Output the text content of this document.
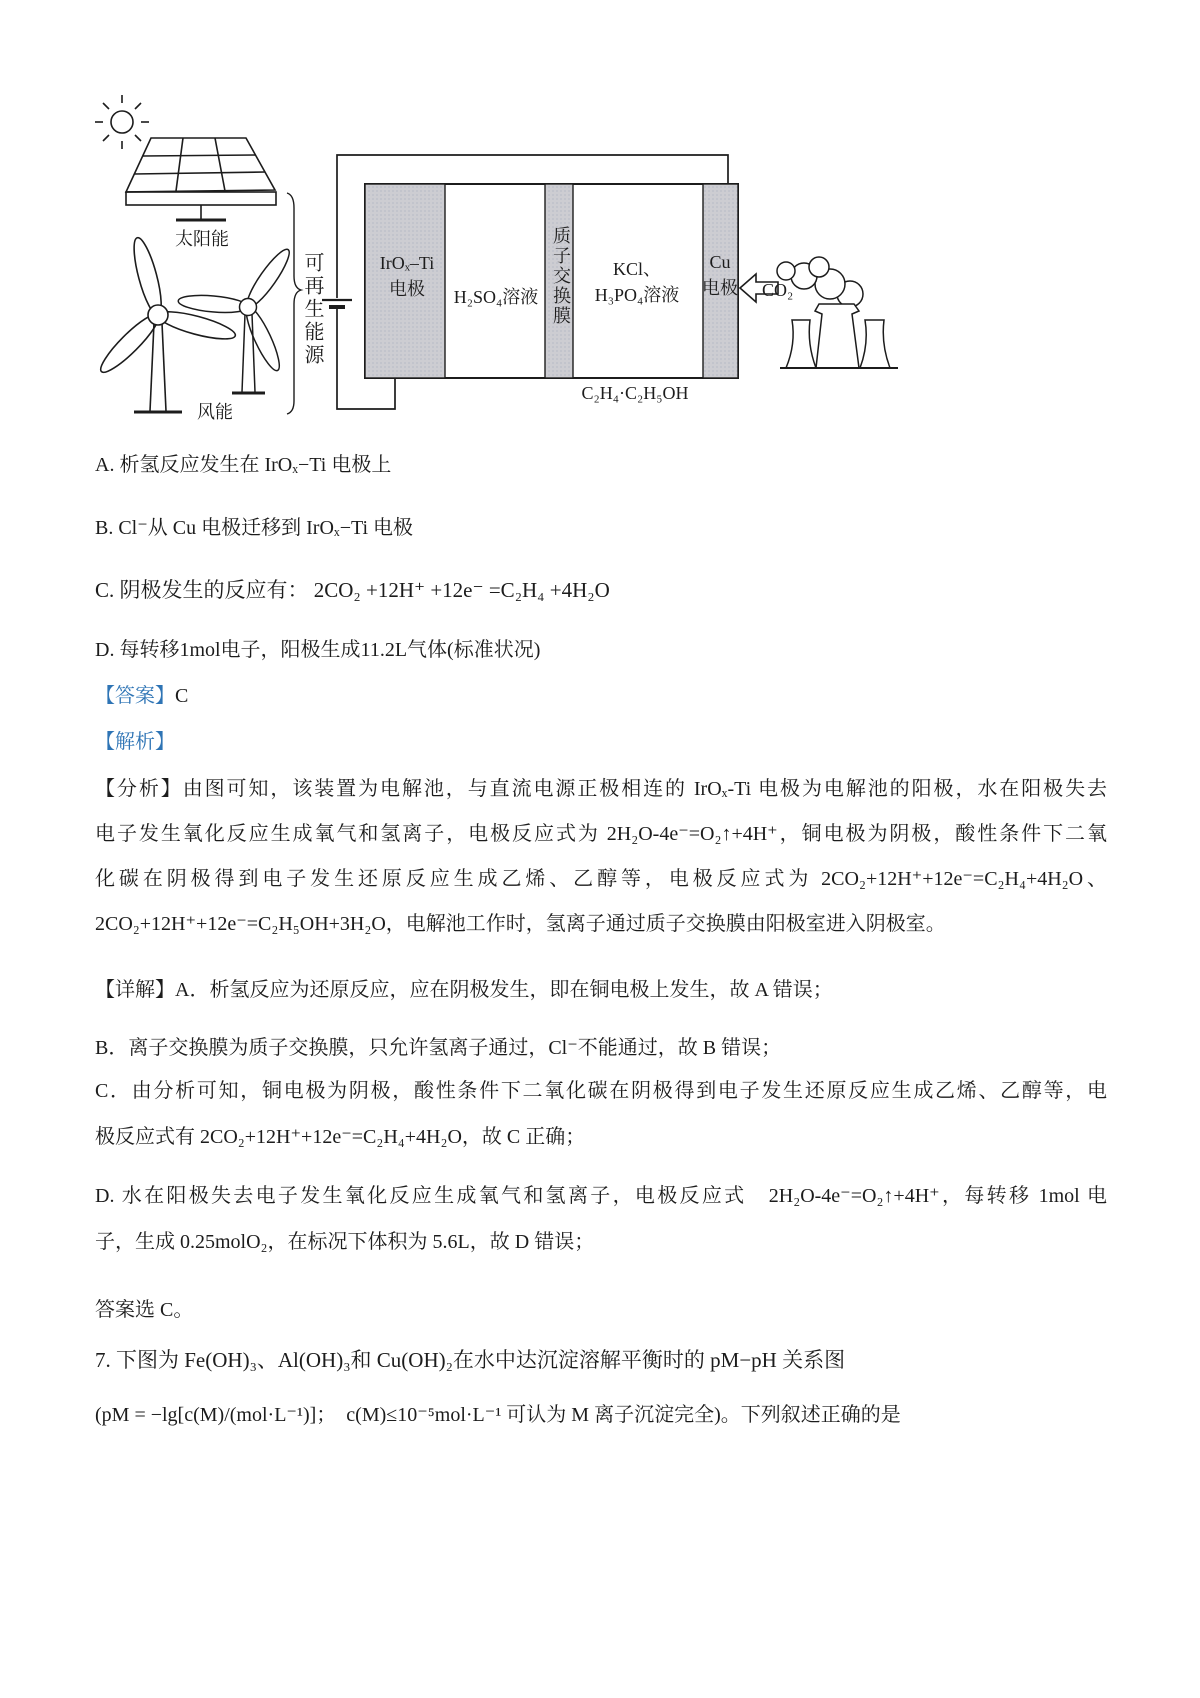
太阳能
风能
可再生能源	IrOₓ–Ti
电极	H₂SO₄溶液 质子交换膜	KCl、
H₃PO₄溶液
Cu
电极
C₂H₄·C₂H₅OH
CO₂
A. 析氢反应发生在 IrOₓ−Ti 电极上
B. Cl⁻从 Cu 电极迁移到 IrOₓ−Ti 电极
C. 阴极发生的反应有： 2CO₂ +12H⁺ +12e⁻ =C₂H₄ +4H₂O
D. 每转移1mol电子，阳极生成11.2L气体(标准状况)
【答案】C
【解析】
【分析】由图可知，该装置为电解池，与直流电源正极相连的 IrOₓ-Ti 电极为电解池的阳极，水在阳极失去
电子发生氧化反应生成氧气和氢离子，电极反应式为 2H₂O-4e⁻=O₂↑+4H⁺，铜电极为阴极，酸性条件下二氧
化碳在阴极得到电子发生还原反应生成乙烯、乙醇等，电极反应式为 2CO₂+12H⁺+12e⁻=C₂H₄+4H₂O、
2CO₂+12H⁺+12e⁻=C₂H₅OH+3H₂O，电解池工作时，氢离子通过质子交换膜由阳极室进入阴极室。
【详解】A．析氢反应为还原反应，应在阴极发生，即在铜电极上发生，故 A 错误；
B．离子交换膜为质子交换膜，只允许氢离子通过，Cl⁻不能通过，故 B 错误；
C．由分析可知，铜电极为阴极，酸性条件下二氧化碳在阴极得到电子发生还原反应生成乙烯、乙醇等，电
极反应式有 2CO₂+12H⁺+12e⁻=C₂H₄+4H₂O，故 C 正确；
D. 水在阳极失去电子发生氧化反应生成氧气和氢离子，电极反应式　2H₂O-4e⁻=O₂↑+4H⁺，每转移 1mol 电
子，生成 0.25molO₂，在标况下体积为 5.6L，故 D 错误；
答案选 C。
7. 下图为 Fe(OH)₃、Al(OH)₃和 Cu(OH)₂在水中达沉淀溶解平衡时的 pM−pH 关系图
(pM = −lg[c(M)/(mol·L⁻¹)]；  c(M)≤10⁻⁵mol·L⁻¹ 可认为 M 离子沉淀完全)。下列叙述正确的是
